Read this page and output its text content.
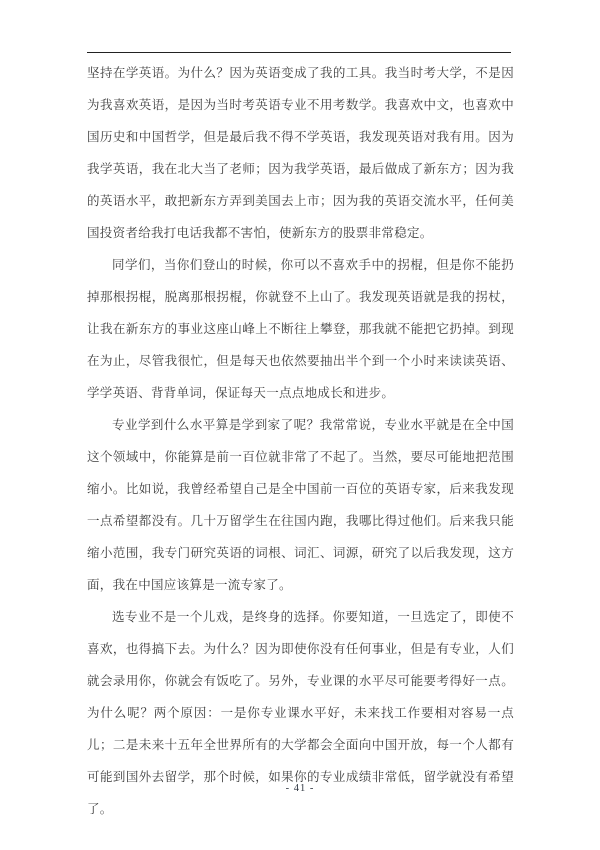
坚持在学英语。为什么？因为英语变成了我的工具。我当时考大学，不是因为我喜欢英语，是因为当时考英语专业不用考数学。我喜欢中文，也喜欢中国历史和中国哲学，但是最后我不得不学英语，我发现英语对我有用。因为我学英语，我在北大当了老师；因为我学英语，最后做成了新东方；因为我的英语水平，敢把新东方弄到美国去上市；因为我的英语交流水平，任何美国投资者给我打电话我都不害怕，使新东方的股票非常稳定。

同学们，当你们登山的时候，你可以不喜欢手中的拐棍，但是你不能扔掉那根拐棍，脱离那根拐棍，你就登不上山了。我发现英语就是我的拐杖，让我在新东方的事业这座山峰上不断往上攀登，那我就不能把它扔掉。到现在为止，尽管我很忙，但是每天也依然要抽出半个到一个小时来读读英语、学学英语、背背单词，保证每天一点点地成长和进步。

专业学到什么水平算是学到家了呢？我常常说，专业水平就是在全中国这个领域中，你能算是前一百位就非常了不起了。当然，要尽可能地把范围缩小。比如说，我曾经希望自己是全中国前一百位的英语专家，后来我发现一点希望都没有。几十万留学生在往国内跑，我哪比得过他们。后来我只能缩小范围，我专门研究英语的词根、词汇、词源，研究了以后我发现，这方面，我在中国应该算是一流专家了。

选专业不是一个儿戏，是终身的选择。你要知道，一旦选定了，即使不喜欢，也得搞下去。为什么？因为即使你没有任何事业，但是有专业，人们就会录用你，你就会有饭吃了。另外，专业课的水平尽可能要考得好一点。为什么呢？两个原因：一是你专业课水平好，未来找工作要相对容易一点儿；二是未来十五年全世界所有的大学都会全面向中国开放，每一个人都有可能到国外去留学，那个时候，如果你的专业成绩非常低，留学就没有希望了。

- 41 -
